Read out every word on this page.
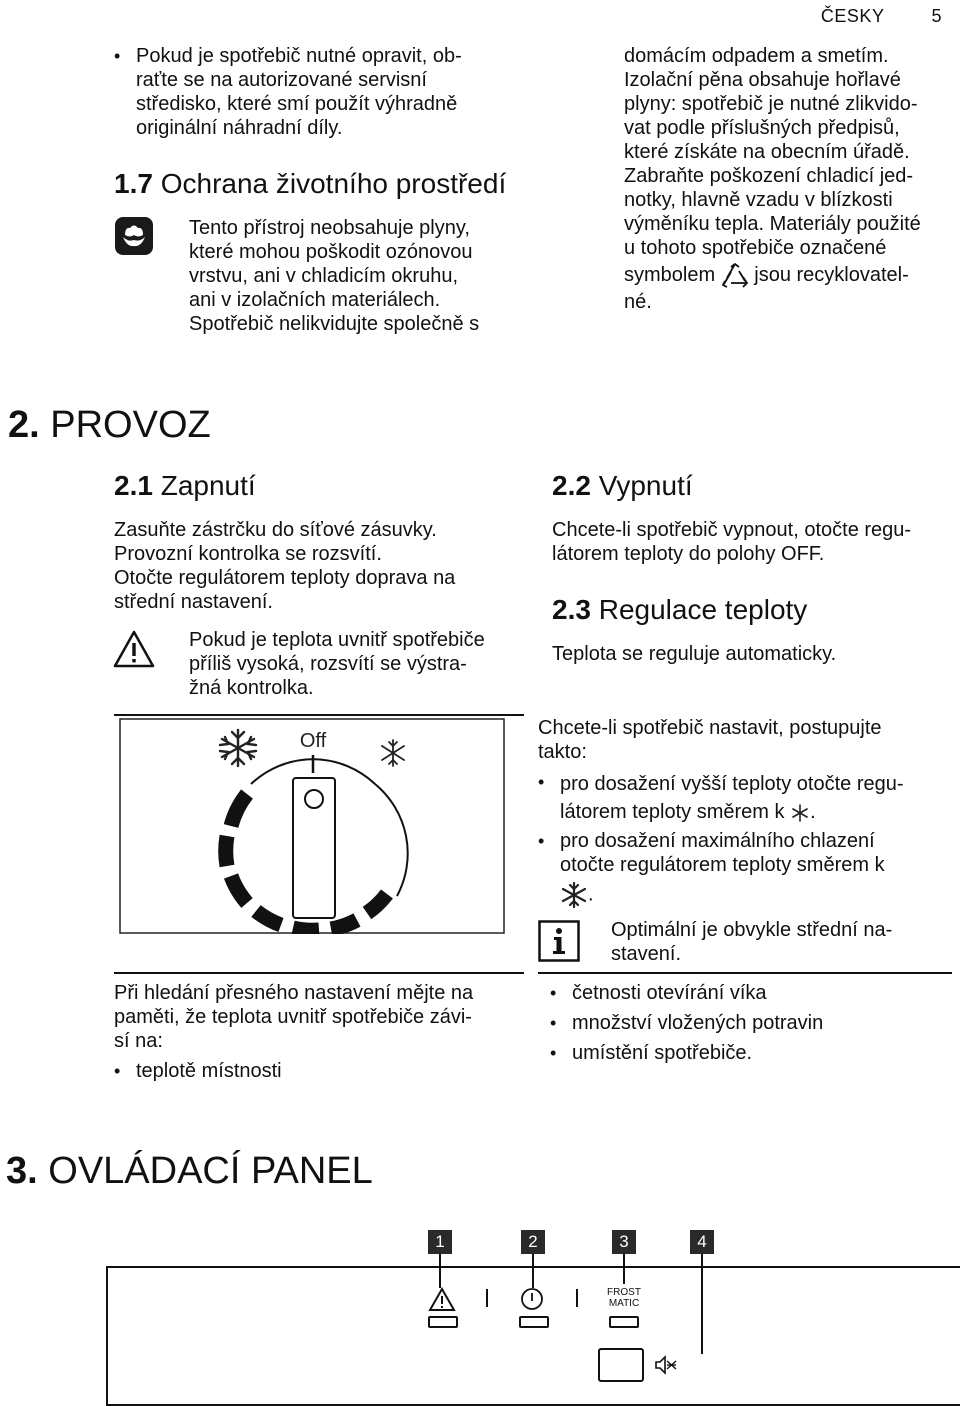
ČESKY	5
• Pokud je spotřebič nutné opravit, ob-
raťte se na autorizované servisní
středisko, které smí použít výhradně
originální náhradní díly.
1.7 Ochrana životního prostředí
Tento přístroj neobsahuje plyny,
které mohou poškodit ozónovou
vrstvu, ani v chladicím okruhu,
ani v izolačních materiálech.
Spotřebič nelikvidujte společně s
domácím odpadem a smetím.
Izolační pěna obsahuje hořlavé
plyny: spotřebič je nutné zlikvido-
vat podle příslušných předpisů,
které získáte na obecním úřadě.
Zabraňte poškození chladicí jed-
notky, hlavně vzadu v blízkosti
výměníku tepla. Materiály použité
u tohoto spotřebiče označené
symbolem jsou recyklovatel-
né.
2. PROVOZ
2.1 Zapnutí
Zasuňte zástrčku do síťové zásuvky.
Provozní kontrolka se rozsvítí.
Otočte regulátorem teploty doprava na
střední nastavení.
Pokud je teplota uvnitř spotřebiče
příliš vysoká, rozsvítí se výstra-
žná kontrolka.
2.2 Vypnutí
Chcete-li spotřebič vypnout, otočte regu-
látorem teploty do polohy OFF.
2.3 Regulace teploty
Teplota se reguluje automaticky.
Off
Chcete-li spotřebič nastavit, postupujte
takto:
• pro dosažení vyšší teploty otočte regu-
látorem teploty směrem k .
• pro dosažení maximálního chlazení
otočte regulátorem teploty směrem k
.
Optimální je obvykle střední na-
stavení.
• četnosti otevírání víka
• množství vložených potravin
• umístění spotřebiče.
Při hledání přesného nastavení mějte na
paměti, že teplota uvnitř spotřebiče závi-
sí na:
• teplotě místnosti
3. OVLÁDACÍ PANEL
1	2	3	4
FROST
MATIC
